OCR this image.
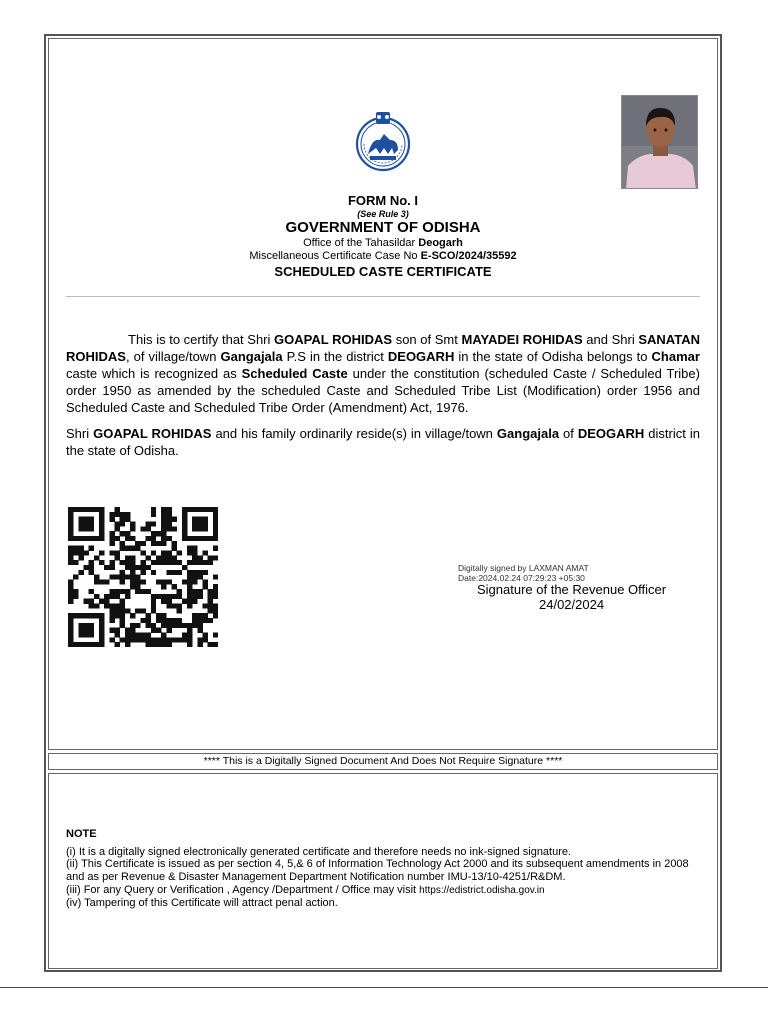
FORM No. I
(See Rule 3)
GOVERNMENT OF ODISHA
Office of the Tahasildar Deogarh
Miscellaneous Certificate Case No E-SCO/2024/35592
SCHEDULED CASTE CERTIFICATE

This is to certify that Shri GOAPAL ROHIDAS son of Smt MAYADEI ROHIDAS and Shri SANATAN ROHIDAS, of village/town Gangajala P.S in the district DEOGARH in the state of Odisha belongs to Chamar caste which is recognized as Scheduled Caste under the constitution (scheduled Caste / Scheduled Tribe) order 1950 as amended by the scheduled Caste and Scheduled Tribe List (Modification) order 1956 and Scheduled Caste and Scheduled Tribe Order (Amendment) Act, 1976.

Shri GOAPAL ROHIDAS and his family ordinarily reside(s) in village/town Gangajala of DEOGARH district in the state of Odisha.

Digitally signed by LAXMAN AMAT
Date:2024.02.24 07:29:23 +05:30
Signature of the Revenue Officer
24/02/2024
**** This is a Digitally Signed Document And Does Not Require Signature ****
NOTE

(i) It is a digitally signed electronically generated certificate and therefore needs no ink-signed signature.

(ii) This Certificate is issued as per section 4, 5,& 6 of Information Technology Act 2000 and its subsequent amendments in 2008 and as per Revenue & Disaster Management Department Notification number IMU-13/10-4251/R&DM.

(iii) For any Query or Verification , Agency /Department / Office may visit https://edistrict.odisha.gov.in

(iv) Tampering of this Certificate will attract penal action.
